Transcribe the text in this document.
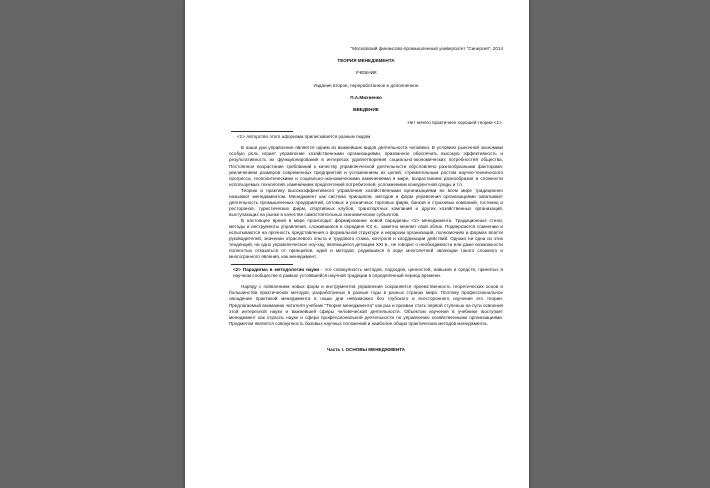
"Московский финансово-промышленный университет "Синергия", 2014
ТЕОРИЯ МЕНЕДЖМЕНТА
УЧЕБНИК
Издание второе, переработанное и дополненное
П.А.Михненко
ВВЕДЕНИЕ
Нет ничего практичнее хорошей теории <1>.
<1> Авторство этого афоризма приписывается разным людям.

В наши дни управление является одним из важнейших видов деятельности человека. В условиях рыночной экономики особую роль играет управление хозяйственными организациями, призванное обеспечить высокую эффективность и результативность их функционирования в интересах удовлетворения социально-экономических потребностей общества. Постоянное возрастание требований к качеству управленческой деятельности обусловлено разнообразными факторами: увеличением размеров современных предприятий и усложнением их целей, стремительным ростом научно-технического прогресса, геополитическими и социально-экономическими изменениями в мире, возрастанием разнообразия и сложности используемых технологий, изменением предпочтений потребителей, усложнением конкурентной среды и т.п.

Теорию и практику высокоэффективного управления хозяйственными организациями во всем мире традиционно называют менеджментом. Менеджмент как система принципов, методов и форм управления организациями охватывает деятельность промышленных предприятий, оптовых и розничных торговых фирм, банков и страховых компаний, гостиниц и ресторанов, туристических фирм, спортивных клубов, транспортных компаний и других хозяйственных организаций, выступающих на рынке в качестве самостоятельных экономических субъектов.

В настоящее время в мире происходит формирование новой парадигмы <2> менеджмента. Традиционные стили, методы и инструменты управления, сложившиеся в середине XX в., заметно меняют свой облик. Подвергаются сомнению и испытываются на прочность представления о формальной структуре и иерархии организаций, полномочиях и формах власти руководителей, значении отраслевого опыта и трудового стажа, контроля и координации действий. Однако ни одна из этих тенденций, ни одно управленческое ноу-хау, являющееся детищем XXI в., не говорит о необходимости или даже возможности полностью отказаться от принципов, идей и методов, родившихся в ходе многолетней эволюции такого сложного и многогранного явления, как менеджмент.

<2> Парадигма в методологии науки - это совокупность методов, подходов, ценностей, навыков и средств, принятых в научном сообществе в рамках устоявшейся научной традиции в определенный период времени.

Наряду с появлением новых форм и инструментов управления сохраняется преемственность теоретических основ и большинства практических методов, разработанных в разные годы в разных странах мира. Поэтому профессиональное овладение практикой менеджмента в наши дни невозможно без глубокого и всестороннего изучения его теории. Предлагаемый вниманию читателя учебник "Теория менеджмента" как раз и призван стать первой ступенью на пути освоения этой интересной науки и важнейшей сферы человеческой деятельности. Объектом изучения в учебнике выступает менеджмент как отрасль науки и сфера профессиональной деятельности по управлению хозяйственными организациями. Предметом является совокупность базовых научных положений и наиболее общих практических методов менеджмента.

Часть I. ОСНОВЫ МЕНЕДЖМЕНТА
